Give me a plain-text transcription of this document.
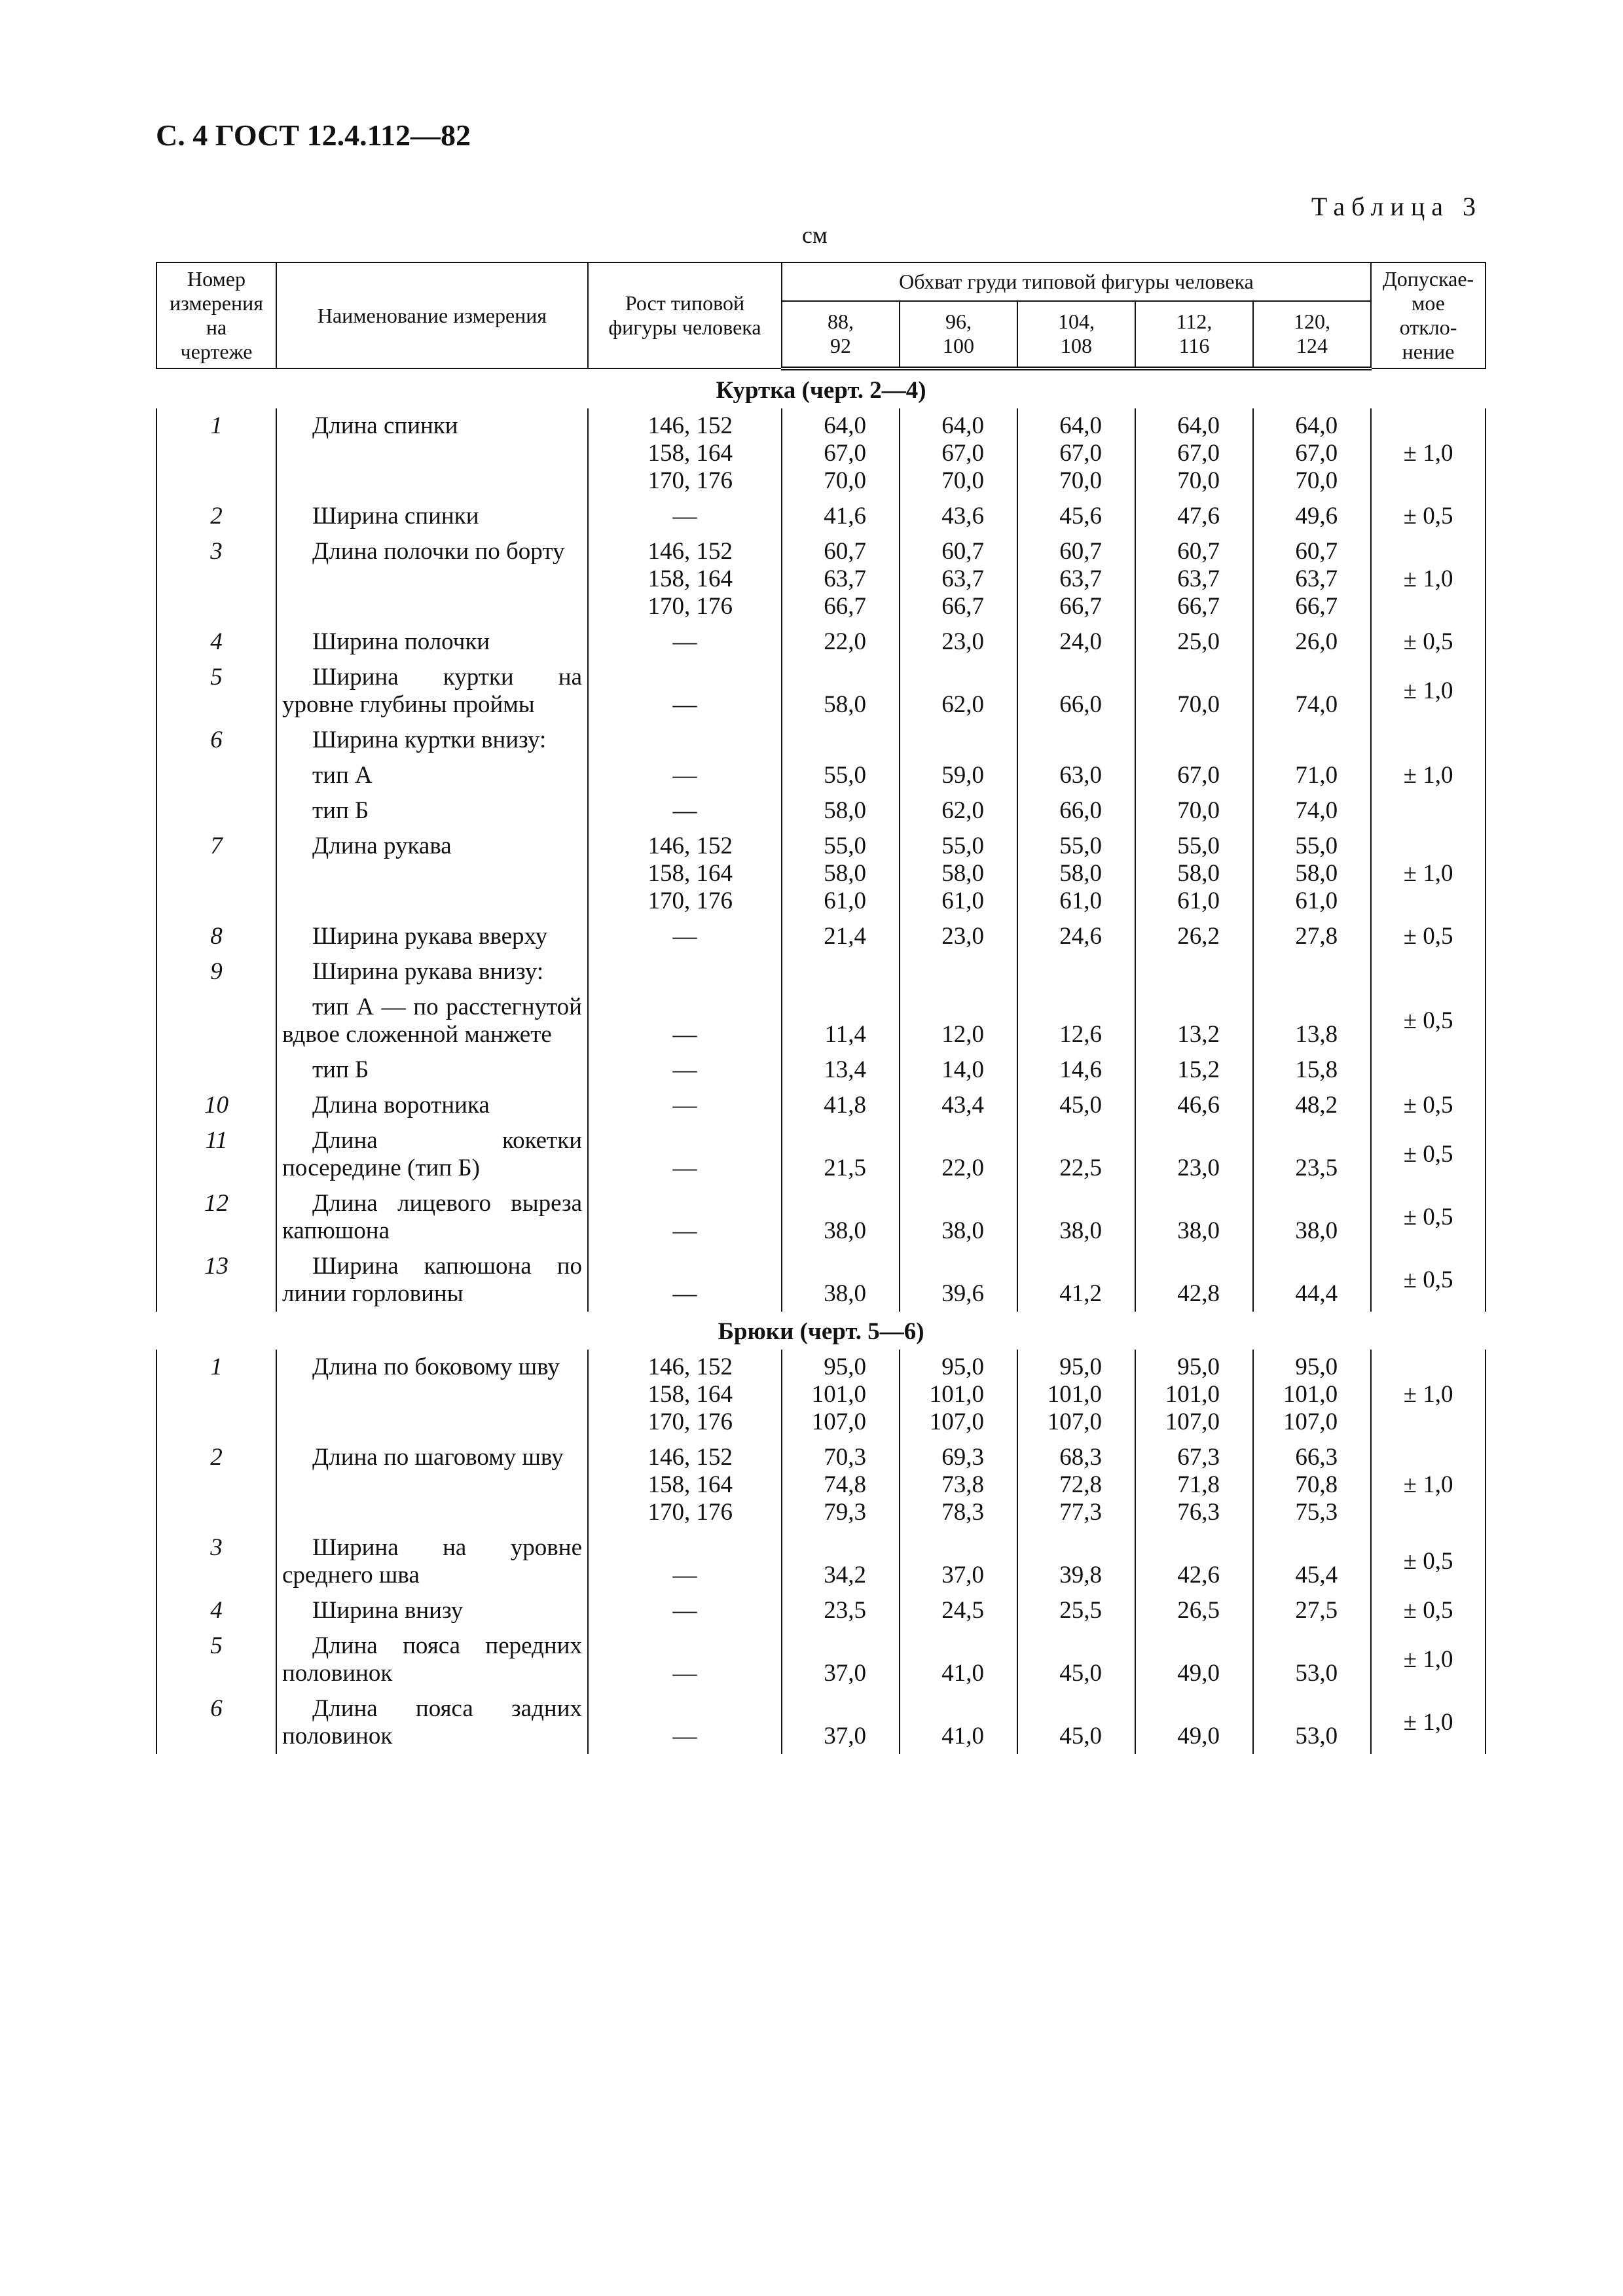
С. 4 ГОСТ 12.4.112—82
Таблица 3
см
Номер
измерения
на
чертеже	Наименование измерения	Рост типовой
фигуры человека	Обхват груди типовой фигуры человека					Допускае-
мое
откло-
нение

			88,
92	96,
100	104,
108	112,
116	120,
124	

Куртка (черт. 2—4)								
1	Длина спинки	146, 152
158, 164
170, 176	64,0
67,0
70,0	64,0
67,0
70,0	64,0
67,0
70,0	64,0
67,0
70,0	64,0
67,0
70,0	± 1,0
2	Ширина спинки	—	41,6	43,6	45,6	47,6	49,6	± 0,5
3	Длина полочки по борту	146, 152
158, 164
170, 176	60,7
63,7
66,7	60,7
63,7
66,7	60,7
63,7
66,7	60,7
63,7
66,7	60,7
63,7
66,7	± 1,0
4	Ширина полочки	—	22,0	23,0	24,0	25,0	26,0	± 0,5
5	Ширина куртки на уровне глубины проймы	—	58,0	62,0	66,0	70,0	74,0	± 1,0
6	Ширина куртки внизу:							± 1,0
	тип А	—	55,0	59,0	63,0	67,0	71,0	
	тип Б	—	58,0	62,0	66,0	70,0	74,0	
7	Длина рукава	146, 152
158, 164
170, 176	55,0
58,0
61,0	55,0
58,0
61,0	55,0
58,0
61,0	55,0
58,0
61,0	55,0
58,0
61,0	± 1,0
8	Ширина рукава вверху	—	21,4	23,0	24,6	26,2	27,8	± 0,5
9	Ширина рукава внизу:							± 0,5
	тип А — по расстегнутой вдвое сложенной манжете	—	11,4	12,0	12,6	13,2	13,8	
	тип Б	—	13,4	14,0	14,6	15,2	15,8	
10	Длина воротника	—	41,8	43,4	45,0	46,6	48,2	± 0,5
11	Длина кокетки посередине (тип Б)	—	21,5	22,0	22,5	23,0	23,5	± 0,5
12	Длина лицевого выреза капюшона	—	38,0	38,0	38,0	38,0	38,0	± 0,5
13	Ширина капюшона по линии горловины	—	38,0	39,6	41,2	42,8	44,4	± 0,5
Брюки (черт. 5—6)								
1	Длина по боковому шву	146, 152
158, 164
170, 176	95,0
101,0
107,0	95,0
101,0
107,0	95,0
101,0
107,0	95,0
101,0
107,0	95,0
101,0
107,0	± 1,0
2	Длина по шаговому шву	146, 152
158, 164
170, 176	70,3
74,8
79,3	69,3
73,8
78,3	68,3
72,8
77,3	67,3
71,8
76,3	66,3
70,8
75,3	± 1,0
3	Ширина на уровне среднего шва	—	34,2	37,0	39,8	42,6	45,4	± 0,5
4	Ширина внизу	—	23,5	24,5	25,5	26,5	27,5	± 0,5
5	Длина пояса передних половинок	—	37,0	41,0	45,0	49,0	53,0	± 1,0
6	Длина пояса задних половинок	—	37,0	41,0	45,0	49,0	53,0	± 1,0
